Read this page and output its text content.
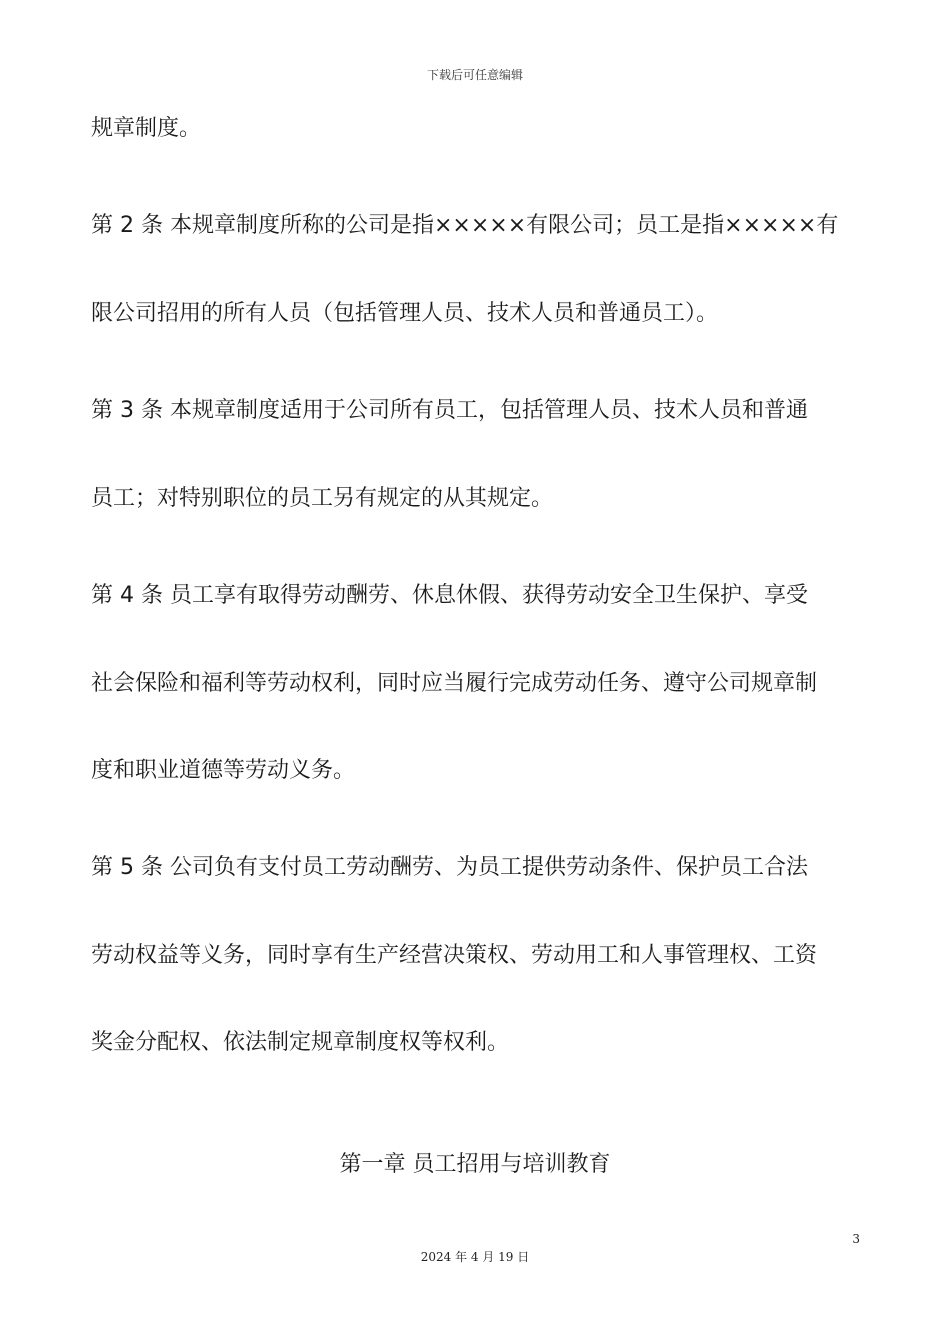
下载后可任意编辑
规章制度。
第 2 条 本规章制度所称的公司是指×××××有限公司；员工是指×××××有
限公司招用的所有人员（包括管理人员、技术人员和普通员工）。
第 3 条 本规章制度适用于公司所有员工，包括管理人员、技术人员和普通
员工；对特别职位的员工另有规定的从其规定。
第 4 条 员工享有取得劳动酬劳、休息休假、获得劳动安全卫生保护、享受
社会保险和福利等劳动权利，同时应当履行完成劳动任务、遵守公司规章制
度和职业道德等劳动义务。
第 5 条 公司负有支付员工劳动酬劳、为员工提供劳动条件、保护员工合法
劳动权益等义务，同时享有生产经营决策权、劳动用工和人事管理权、工资
奖金分配权、依法制定规章制度权等权利。
第一章 员工招用与培训教育
3
2024 年 4 月 19 日
